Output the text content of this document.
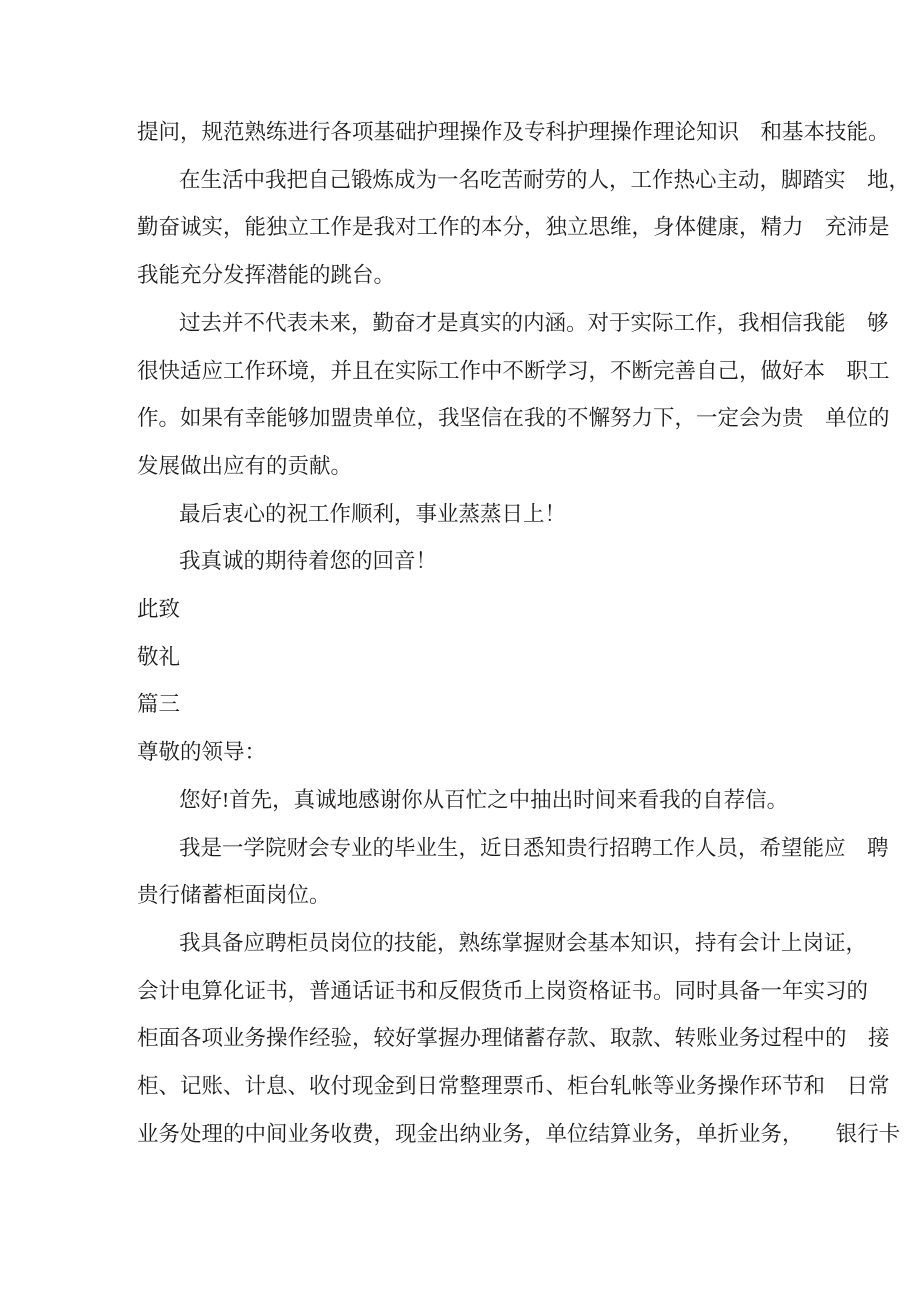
提问，规范熟练进行各项基础护理操作及专科护理操作理论知识　和基本技能。
在生活中我把自己锻炼成为一名吃苦耐劳的人，工作热心主动，脚踏实　地，
勤奋诚实，能独立工作是我对工作的本分，独立思维，身体健康，精力　充沛是
我能充分发挥潜能的跳台。
过去并不代表未来，勤奋才是真实的内涵。对于实际工作，我相信我能　够
很快适应工作环境，并且在实际工作中不断学习，不断完善自己，做好本　职工
作。如果有幸能够加盟贵单位，我坚信在我的不懈努力下，一定会为贵　单位的
发展做出应有的贡献。
最后衷心的祝工作顺利，事业蒸蒸日上！
我真诚的期待着您的回音！
此致
敬礼
篇三
尊敬的领导：
您好!首先，真诚地感谢你从百忙之中抽出时间来看我的自荐信。
我是一学院财会专业的毕业生，近日悉知贵行招聘工作人员，希望能应　聘
贵行储蓄柜面岗位。
我具备应聘柜员岗位的技能，熟练掌握财会基本知识，持有会计上岗证，
会计电算化证书，普通话证书和反假货币上岗资格证书。同时具备一年实习的
柜面各项业务操作经验，较好掌握办理储蓄存款、取款、转账业务过程中的　接
柜、记账、计息、收付现金到日常整理票币、柜台轧帐等业务操作环节和　日常
业务处理的中间业务收费，现金出纳业务，单位结算业务，单折业务，　　银行卡
